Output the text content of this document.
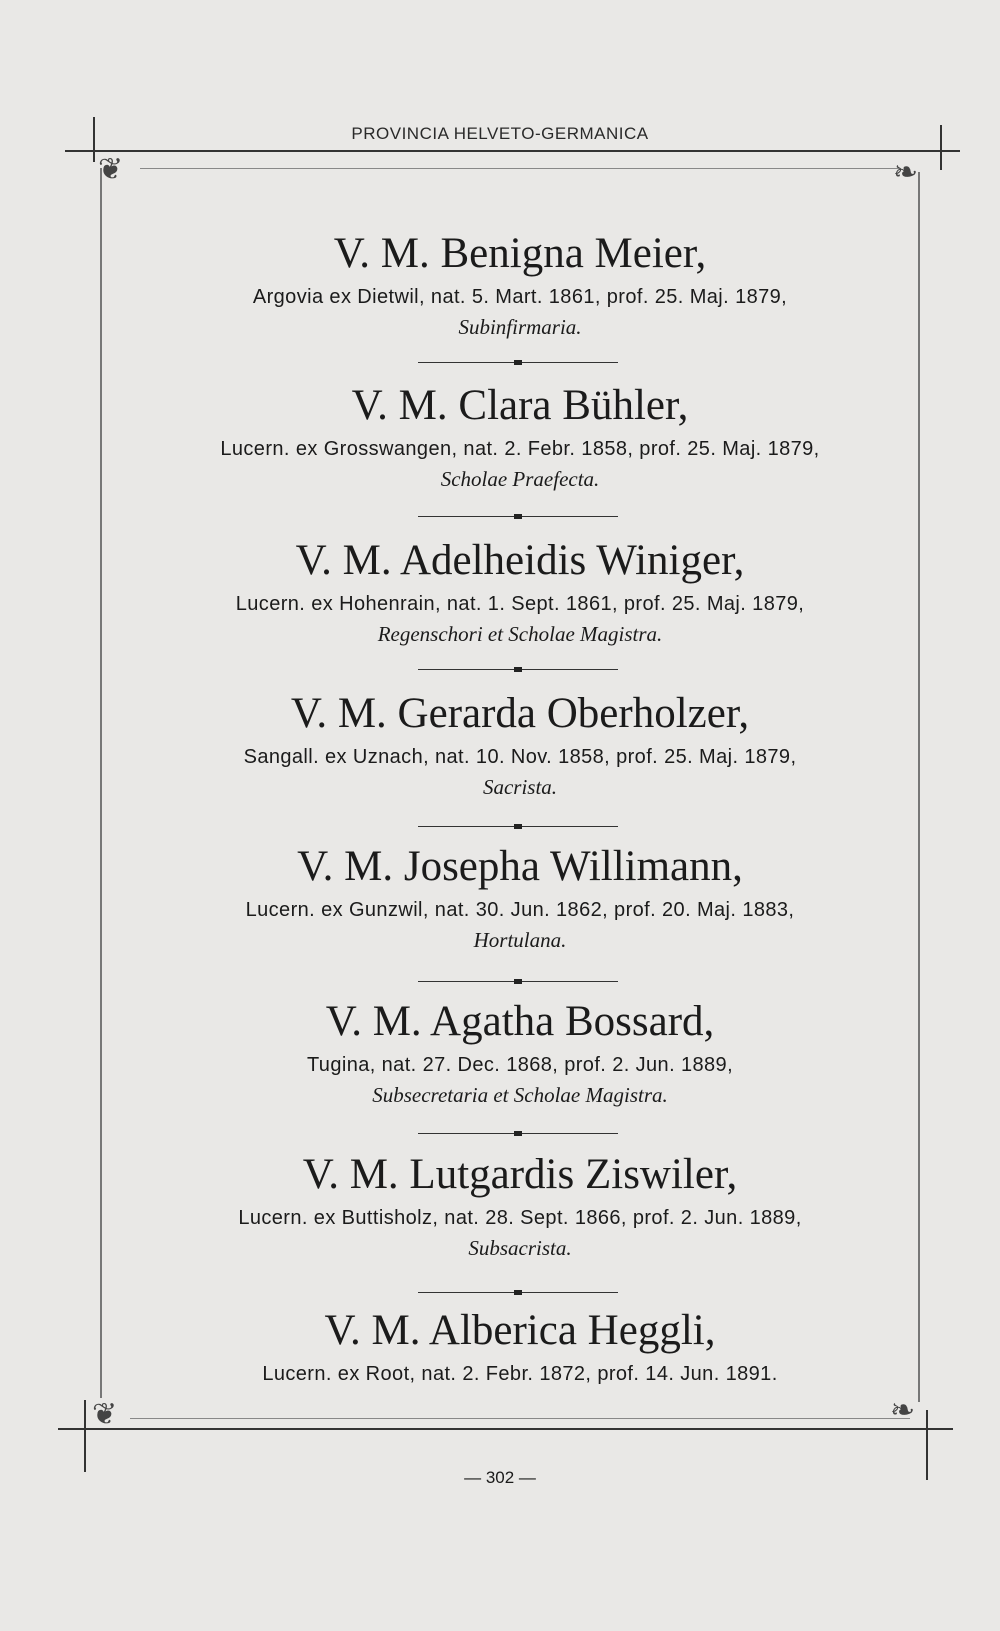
PROVINCIA HELVETO-GERMANICA
❦	❧
❦	❧
V. M. Benigna Meier,
Argovia ex Dietwil, nat. 5. Mart. 1861, prof. 25. Maj. 1879,
Subinfirmaria.
V. M. Clara Bühler,
Lucern. ex Grosswangen, nat. 2. Febr. 1858, prof. 25. Maj. 1879,
Scholae Praefecta.
V. M. Adelheidis Winiger,
Lucern. ex Hohenrain, nat. 1. Sept. 1861, prof. 25. Maj. 1879,
Regenschori et Scholae Magistra.
V. M. Gerarda Oberholzer,
Sangall. ex Uznach, nat. 10. Nov. 1858, prof. 25. Maj. 1879,
Sacrista.
V. M. Josepha Willimann,
Lucern. ex Gunzwil, nat. 30. Jun. 1862, prof. 20. Maj. 1883,
Hortulana.
V. M. Agatha Bossard,
Tugina, nat. 27. Dec. 1868, prof. 2. Jun. 1889,
Subsecretaria et Scholae Magistra.
V. M. Lutgardis Ziswiler,
Lucern. ex Buttisholz, nat. 28. Sept. 1866, prof. 2. Jun. 1889,
Subsacrista.
V. M. Alberica Heggli,
Lucern. ex Root, nat. 2. Febr. 1872, prof. 14. Jun. 1891.
— 302 —
